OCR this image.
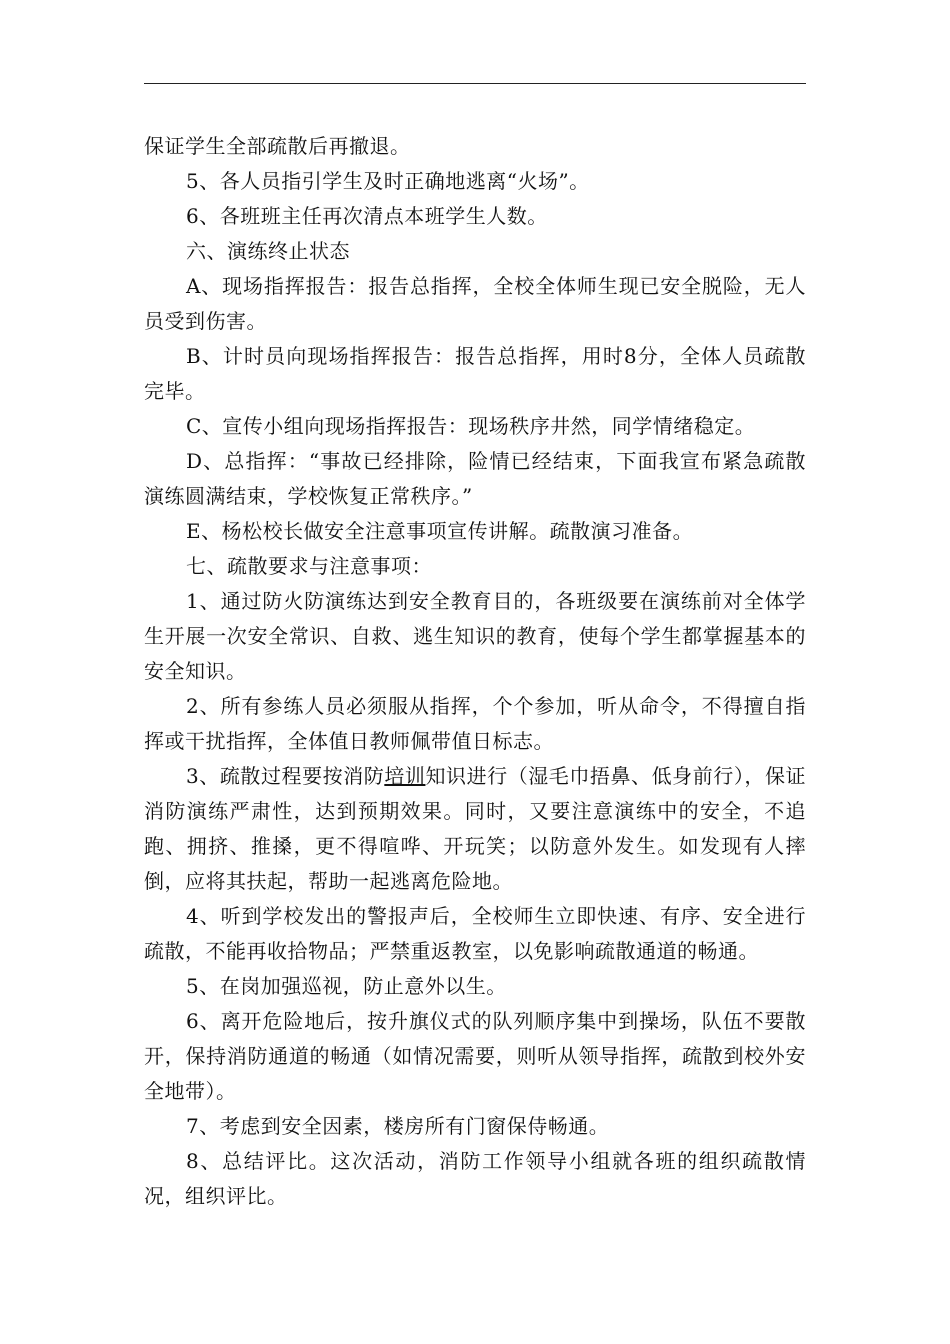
保证学生全部疏散后再撤退。

5、各人员指引学生及时正确地逃离“火场”。

6、各班班主任再次清点本班学生人数。

六、演练终止状态

A、现场指挥报告：报告总指挥，全校全体师生现已安全脱险，无人员受到伤害。

B、计时员向现场指挥报告：报告总指挥，用时8分，全体人员疏散完毕。

C、宣传小组向现场指挥报告：现场秩序井然，同学情绪稳定。

D、总指挥：“事故已经排除，险情已经结束，下面我宣布紧急疏散演练圆满结束，学校恢复正常秩序。”

E、杨松校长做安全注意事项宣传讲解。疏散演习准备。

七、疏散要求与注意事项：

1、通过防火防演练达到安全教育目的，各班级要在演练前对全体学生开展一次安全常识、自救、逃生知识的教育，使每个学生都掌握基本的安全知识。

2、所有参练人员必须服从指挥，个个参加，听从命令，不得擅自指挥或干扰指挥，全体值日教师佩带值日标志。

3、疏散过程要按消防培训知识进行（湿毛巾捂鼻、低身前行），保证消防演练严肃性，达到预期效果。同时，又要注意演练中的安全，不追跑、拥挤、推搡，更不得喧哗、开玩笑；以防意外发生。如发现有人摔倒，应将其扶起，帮助一起逃离危险地。

4、听到学校发出的警报声后，全校师生立即快速、有序、安全进行疏散，不能再收拾物品；严禁重返教室，以免影响疏散通道的畅通。

5、在岗加强巡视，防止意外以生。

6、离开危险地后，按升旗仪式的队列顺序集中到操场，队伍不要散开，保持消防通道的畅通（如情况需要，则听从领导指挥，疏散到校外安全地带）。

7、考虑到安全因素，楼房所有门窗保侍畅通。

8、总结评比。这次活动，消防工作领导小组就各班的组织疏散情况，组织评比。
